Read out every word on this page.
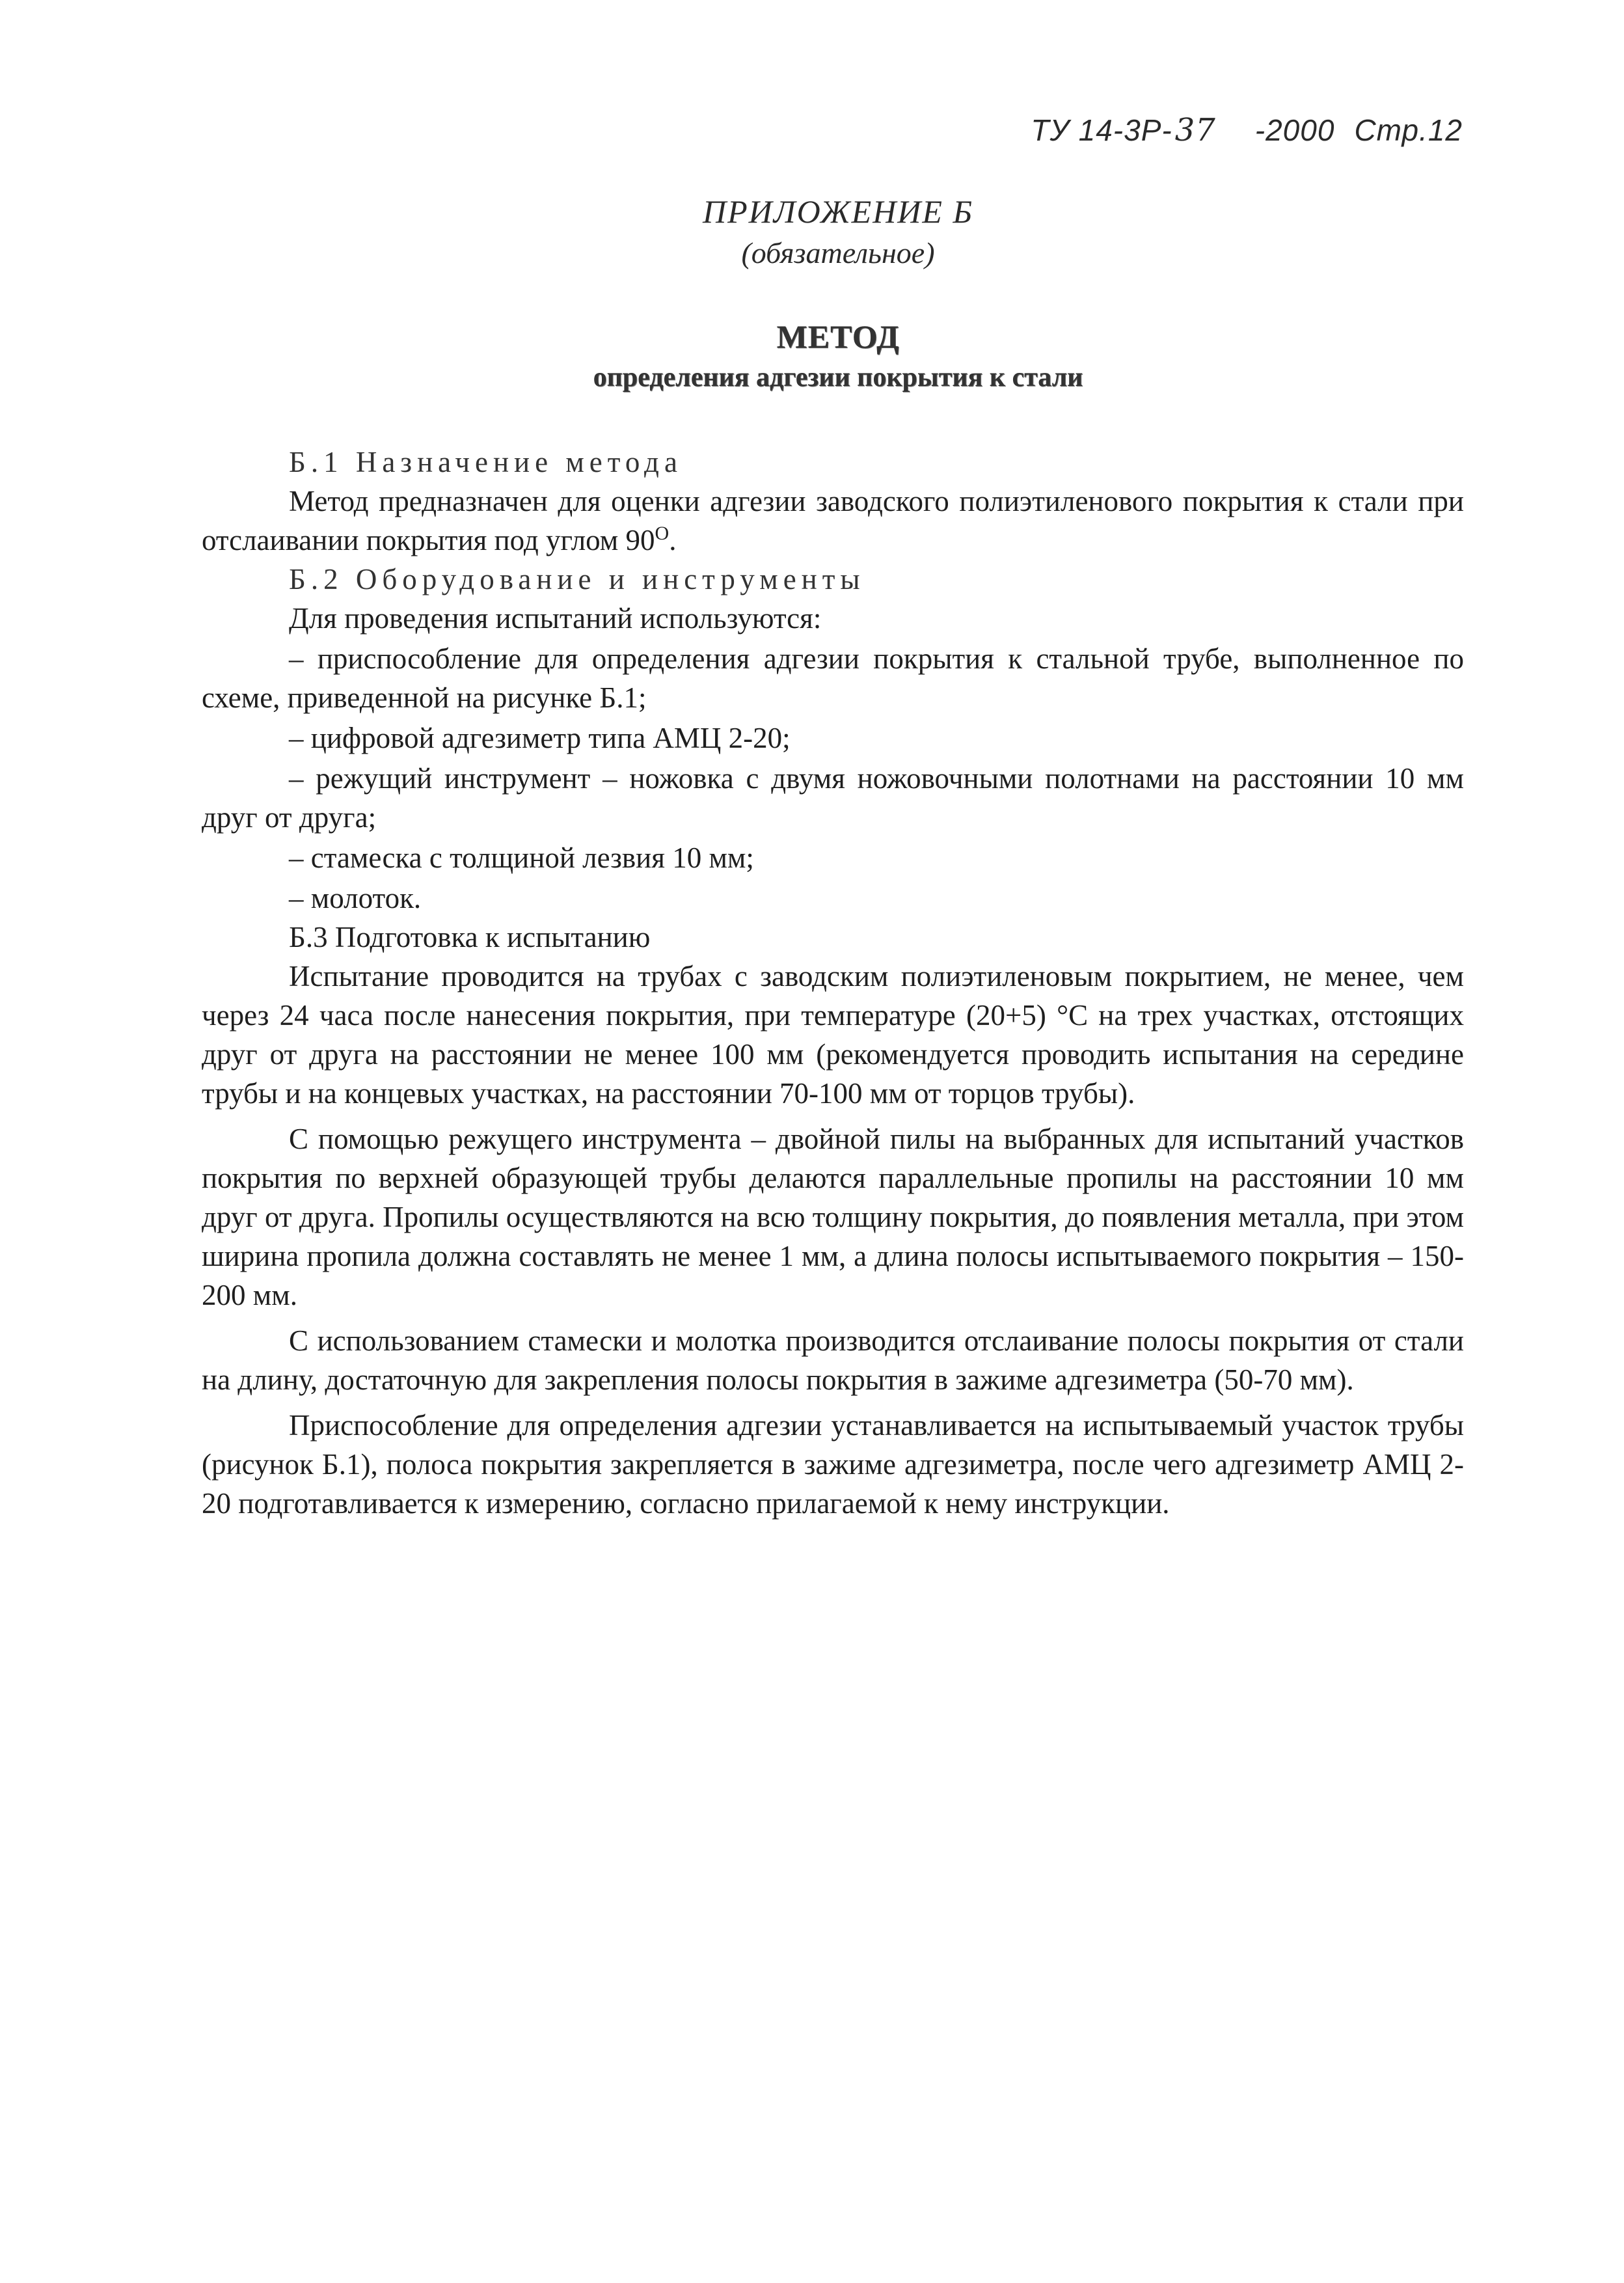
ТУ 14-3Р-37 -2000 Стр.12
ПРИЛОЖЕНИЕ Б
(обязательное)
МЕТОД
определения адгезии покрытия к стали

Б.1 Назначение метода

Метод предназначен для оценки адгезии заводского полиэтиленового покрытия к стали при отслаивании покрытия под углом $90^О$.

Б.2 Оборудование и инструменты

Для проведения испытаний используются:

– приспособление для определения адгезии покрытия к стальной трубе, выполненное по схеме, приведенной на рисунке Б.1;

– цифровой адгезиметр типа АМЦ 2-20;

– режущий инструмент – ножовка с двумя ножовочными полотнами на расстоянии 10 мм друг от друга;

– стамеска с толщиной лезвия 10 мм;

– молоток.

Б.3 Подготовка к испытанию

Испытание проводится на трубах с заводским полиэтиленовым покрытием, не менее, чем через 24 часа после нанесения покрытия, при температуре (20+5) °С на трех участках, отстоящих друг от друга на расстоянии не менее 100 мм (рекомендуется проводить испытания на середине трубы и на концевых участках, на расстоянии 70-100 мм от торцов трубы).

С помощью режущего инструмента – двойной пилы на выбранных для испытаний участков покрытия по верхней образующей трубы делаются параллельные пропилы на расстоянии 10 мм друг от друга. Пропилы осуществляются на всю толщину покрытия, до появления металла, при этом ширина пропила должна составлять не менее 1 мм, а длина полосы испытываемого покрытия – 150-200 мм.

С использованием стамески и молотка производится отслаивание полосы покрытия от стали на длину, достаточную для закрепления полосы покрытия в зажиме адгезиметра (50-70 мм).

Приспособление для определения адгезии устанавливается на испытываемый участок трубы (рисунок Б.1), полоса покрытия закрепляется в зажиме адгезиметра, после чего адгезиметр АМЦ 2-20 подготавливается к измерению, согласно прилагаемой к нему инструкции.
